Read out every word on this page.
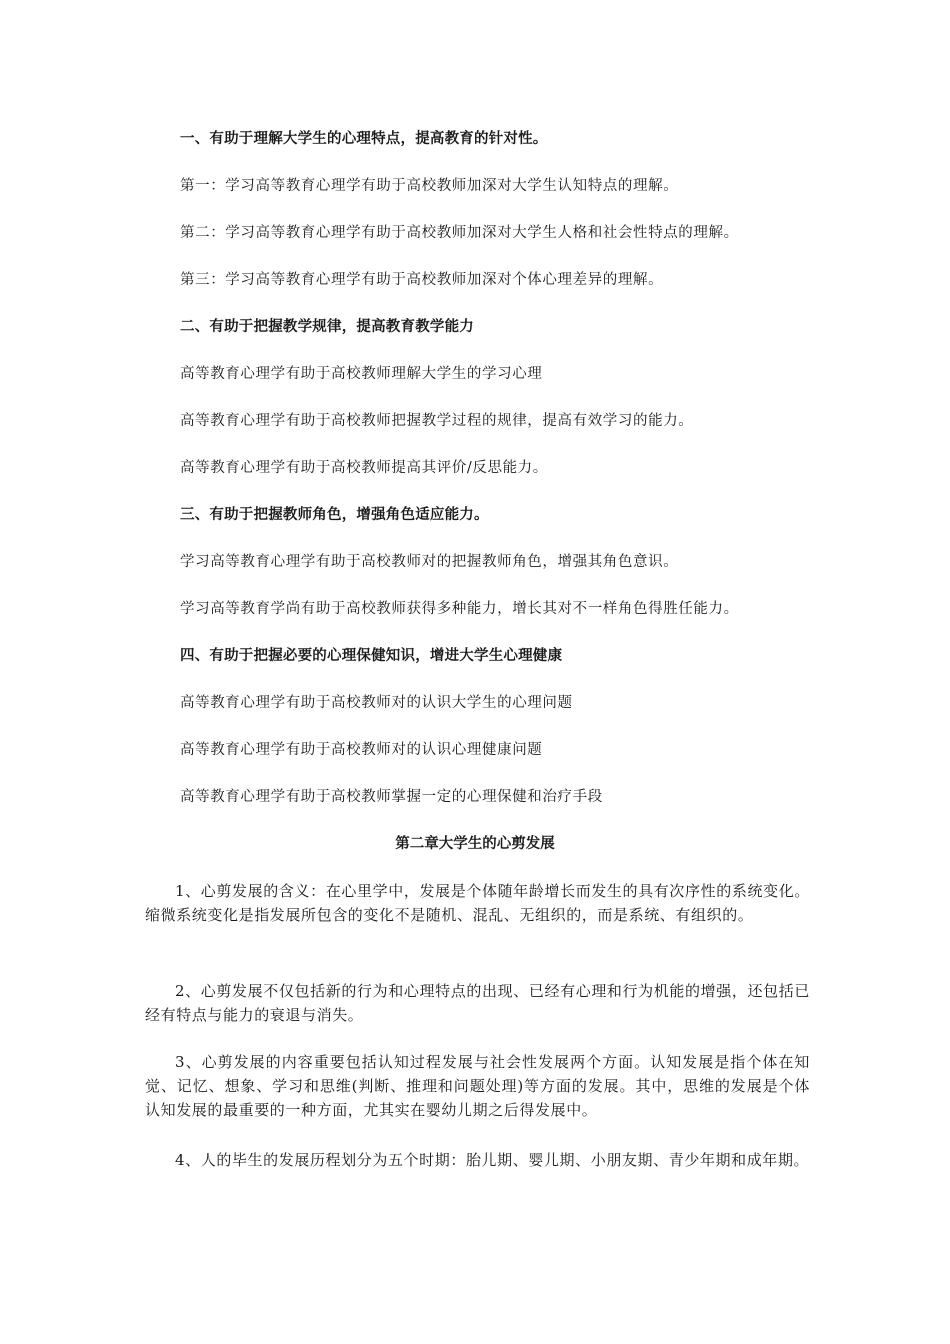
一、有助于理解大学生的心理特点，提高教育的针对性。

第一：学习高等教育心理学有助于高校教师加深对大学生认知特点的理解。

第二：学习高等教育心理学有助于高校教师加深对大学生人格和社会性特点的理解。

第三：学习高等教育心理学有助于高校教师加深对个体心理差异的理解。

二、有助于把握教学规律，提高教育教学能力

高等教育心理学有助于高校教师理解大学生的学习心理

高等教育心理学有助于高校教师把握教学过程的规律，提高有效学习的能力。

高等教育心理学有助于高校教师提高其评价/反思能力。

三、有助于把握教师角色，增强角色适应能力。

学习高等教育心理学有助于高校教师对的把握教师角色，增强其角色意识。

学习高等教育学尚有助于高校教师获得多种能力，增长其对不一样角色得胜任能力。

四、有助于把握必要的心理保健知识，增进大学生心理健康

高等教育心理学有助于高校教师对的认识大学生的心理问题

高等教育心理学有助于高校教师对的认识心理健康问题

高等教育心理学有助于高校教师掌握一定的心理保健和治疗手段

第二章大学生的心剪发展

1、心剪发展的含义：在心里学中，发展是个体随年龄增长而发生的具有次序性的系统变化。缩微系统变化是指发展所包含的变化不是随机、混乱、无组织的，而是系统、有组织的。

2、心剪发展不仅包括新的行为和心理特点的出现、已经有心理和行为机能的增强，还包括已经有特点与能力的衰退与消失。

3、心剪发展的内容重要包括认知过程发展与社会性发展两个方面。认知发展是指个体在知觉、记忆、想象、学习和思维(判断、推理和问题处理)等方面的发展。其中，思维的发展是个体认知发展的最重要的一种方面，尤其实在婴幼儿期之后得发展中。

4、人的毕生的发展历程划分为五个时期：胎儿期、婴儿期、小朋友期、青少年期和成年期。
